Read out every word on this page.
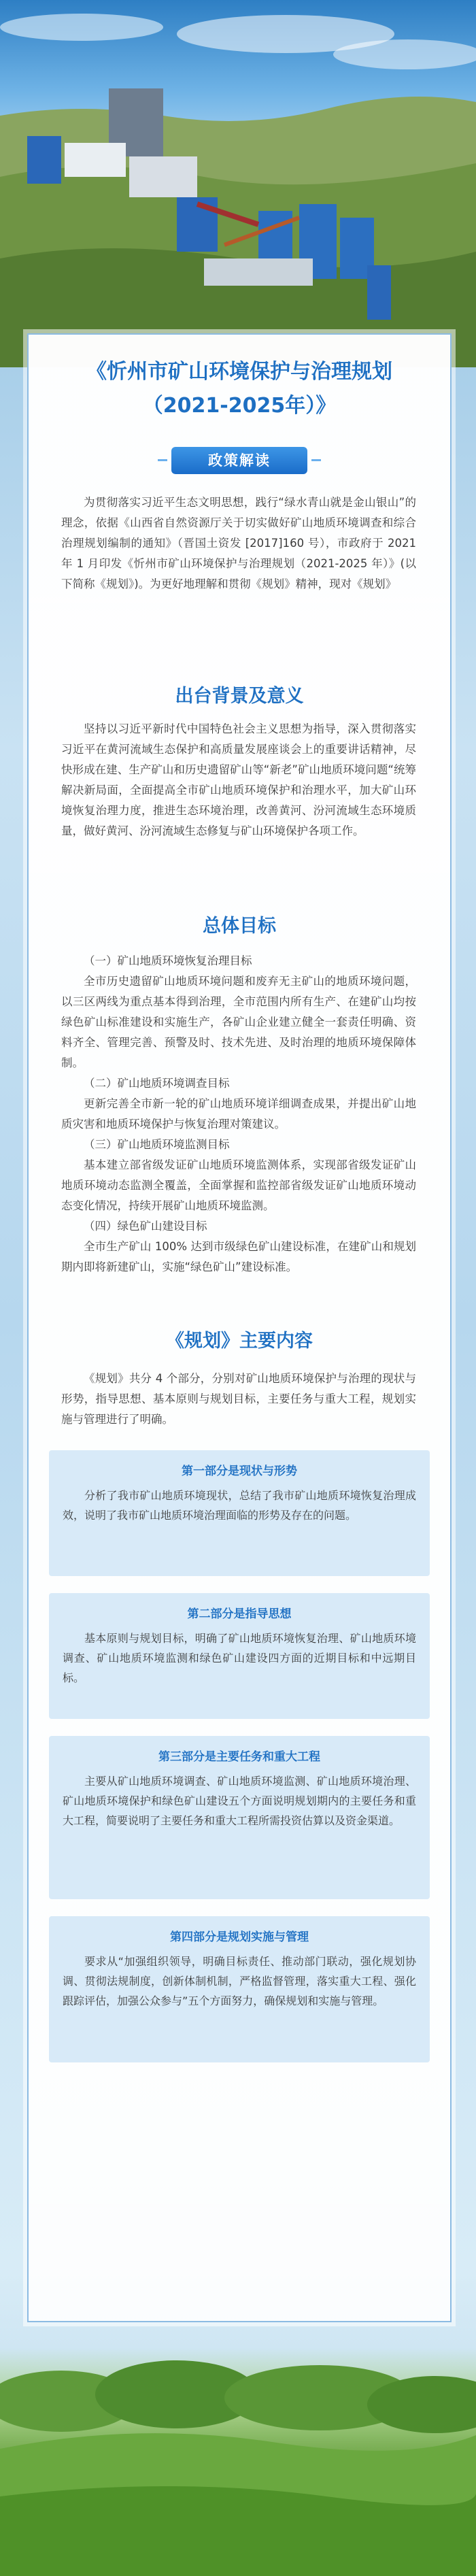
《忻州市矿山环境保护与治理规划（2021-2025年）》
政策解读
为贯彻落实习近平生态文明思想，践行“绿水青山就是金山银山”的理念，依据《山西省自然资源厅关于切实做好矿山地质环境调查和综合治理规划编制的通知》（晋国土资发 [2017]160 号），市政府于 2021 年 1 月印发《忻州市矿山环境保护与治理规划（2021-2025 年）》(以下简称《规划》)。为更好地理解和贯彻《规划》精神，现对《规划》
出台背景及意义
坚持以习近平新时代中国特色社会主义思想为指导，深入贯彻落实习近平在黄河流域生态保护和高质量发展座谈会上的重要讲话精神，尽快形成在建、生产矿山和历史遗留矿山等“新老”矿山地质环境问题“统筹解决新局面，全面提高全市矿山地质环境保护和治理水平，加大矿山环境恢复治理力度，推进生态环境治理，改善黄河、汾河流域生态环境质量，做好黄河、汾河流域生态修复与矿山环境保护各项工作。
总体目标
（一）矿山地质环境恢复治理目标
全市历史遗留矿山地质环境问题和废弃无主矿山的地质环境问题，以三区两线为重点基本得到治理，全市范围内所有生产、在建矿山均按绿色矿山标准建设和实施生产，各矿山企业建立健全一套责任明确、资料齐全、管理完善、预警及时、技术先进、及时治理的地质环境保障体制。
（二）矿山地质环境调查目标
更新完善全市新一轮的矿山地质环境详细调查成果，并提出矿山地质灾害和地质环境保护与恢复治理对策建议。
（三）矿山地质环境监测目标
基本建立部省级发证矿山地质环境监测体系，实现部省级发证矿山地质环境动态监测全覆盖，全面掌握和监控部省级发证矿山地质环境动态变化情况，持续开展矿山地质环境监测。
（四）绿色矿山建设目标
全市生产矿山 100% 达到市级绿色矿山建设标准，在建矿山和规划期内即将新建矿山，实施“绿色矿山”建设标准。
《规划》主要内容
《规划》共分 4 个部分，分别对矿山地质环境保护与治理的现状与形势，指导思想、基本原则与规划目标，主要任务与重大工程，规划实施与管理进行了明确。
第一部分是现状与形势
分析了我市矿山地质环境现状，总结了我市矿山地质环境恢复治理成效，说明了我市矿山地质环境治理面临的形势及存在的问题。
第二部分是指导思想
基本原则与规划目标，明确了矿山地质环境恢复治理、矿山地质环境调查、矿山地质环境监测和绿色矿山建设四方面的近期目标和中远期目标。
第三部分是主要任务和重大工程
主要从矿山地质环境调查、矿山地质环境监测、矿山地质环境治理、矿山地质环境保护和绿色矿山建设五个方面说明规划期内的主要任务和重大工程，简要说明了主要任务和重大工程所需投资估算以及资金渠道。
第四部分是规划实施与管理
要求从“加强组织领导，明确目标责任、推动部门联动，强化规划协调、贯彻法规制度，创新体制机制，严格监督管理，落实重大工程、强化跟踪评估，加强公众参与”五个方面努力，确保规划和实施与管理。
